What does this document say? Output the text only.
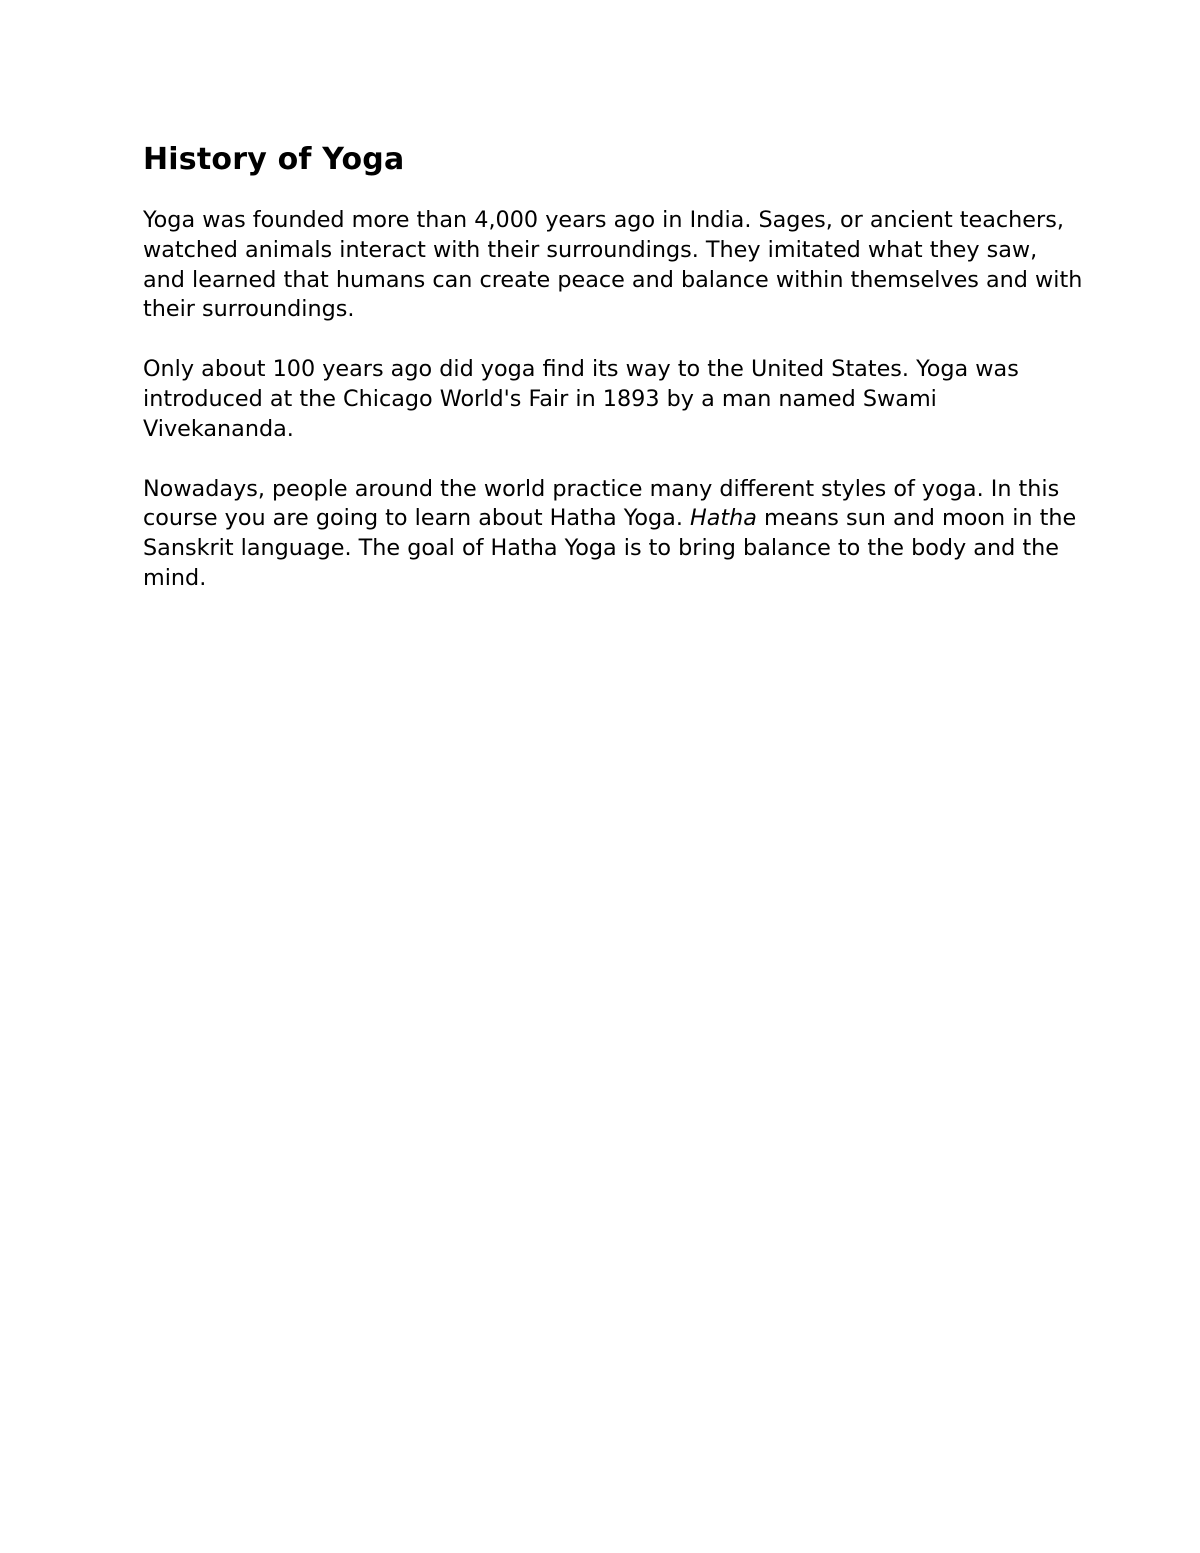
History of Yoga

Yoga was founded more than 4,000 years ago in India. Sages, or ancient teachers, watched animals interact with their surroundings. They imitated what they saw, and learned that humans can create peace and balance within themselves and with their surroundings.

Only about 100 years ago did yoga find its way to the United States. Yoga was introduced at the Chicago World's Fair in 1893 by a man named Swami Vivekananda.

Nowadays, people around the world practice many different styles of yoga. In this course you are going to learn about Hatha Yoga. Hatha means sun and moon in the Sanskrit language. The goal of Hatha Yoga is to bring balance to the body and the mind.
